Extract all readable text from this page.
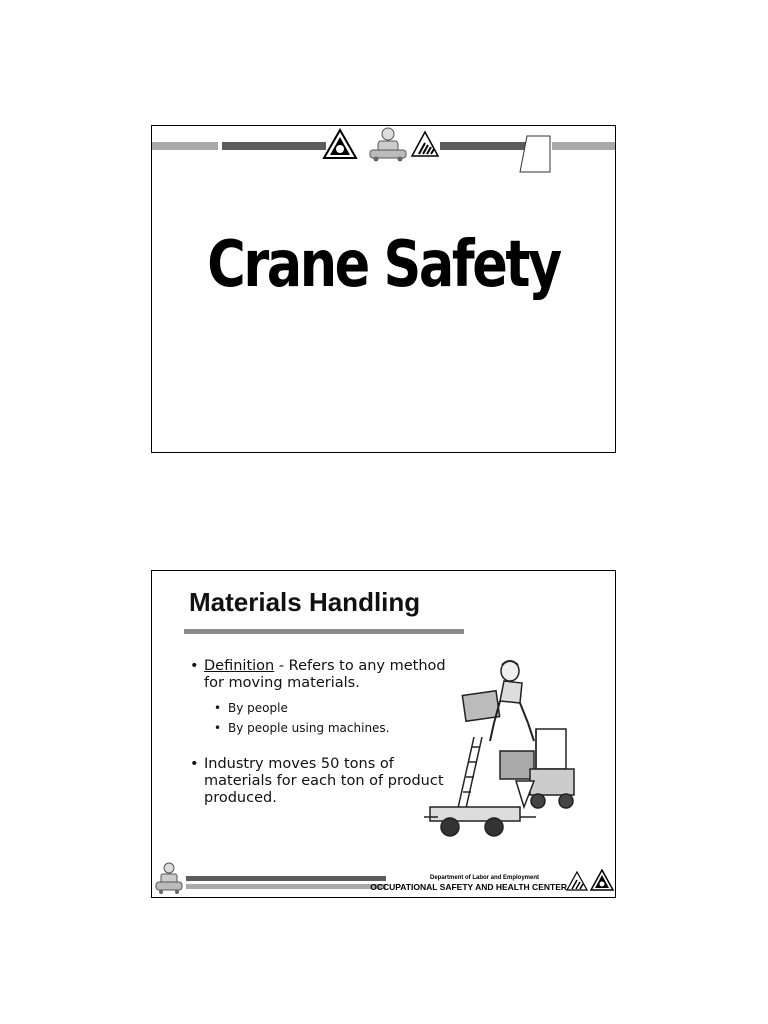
Crane Safety
Materials Handling
• Definition - Refers to any method for moving materials.
• By people
• By people using machines.
• Industry moves 50 tons of materials for each ton of product produced.
Department of Labor and Employment
OCCUPATIONAL SAFETY AND HEALTH CENTER
